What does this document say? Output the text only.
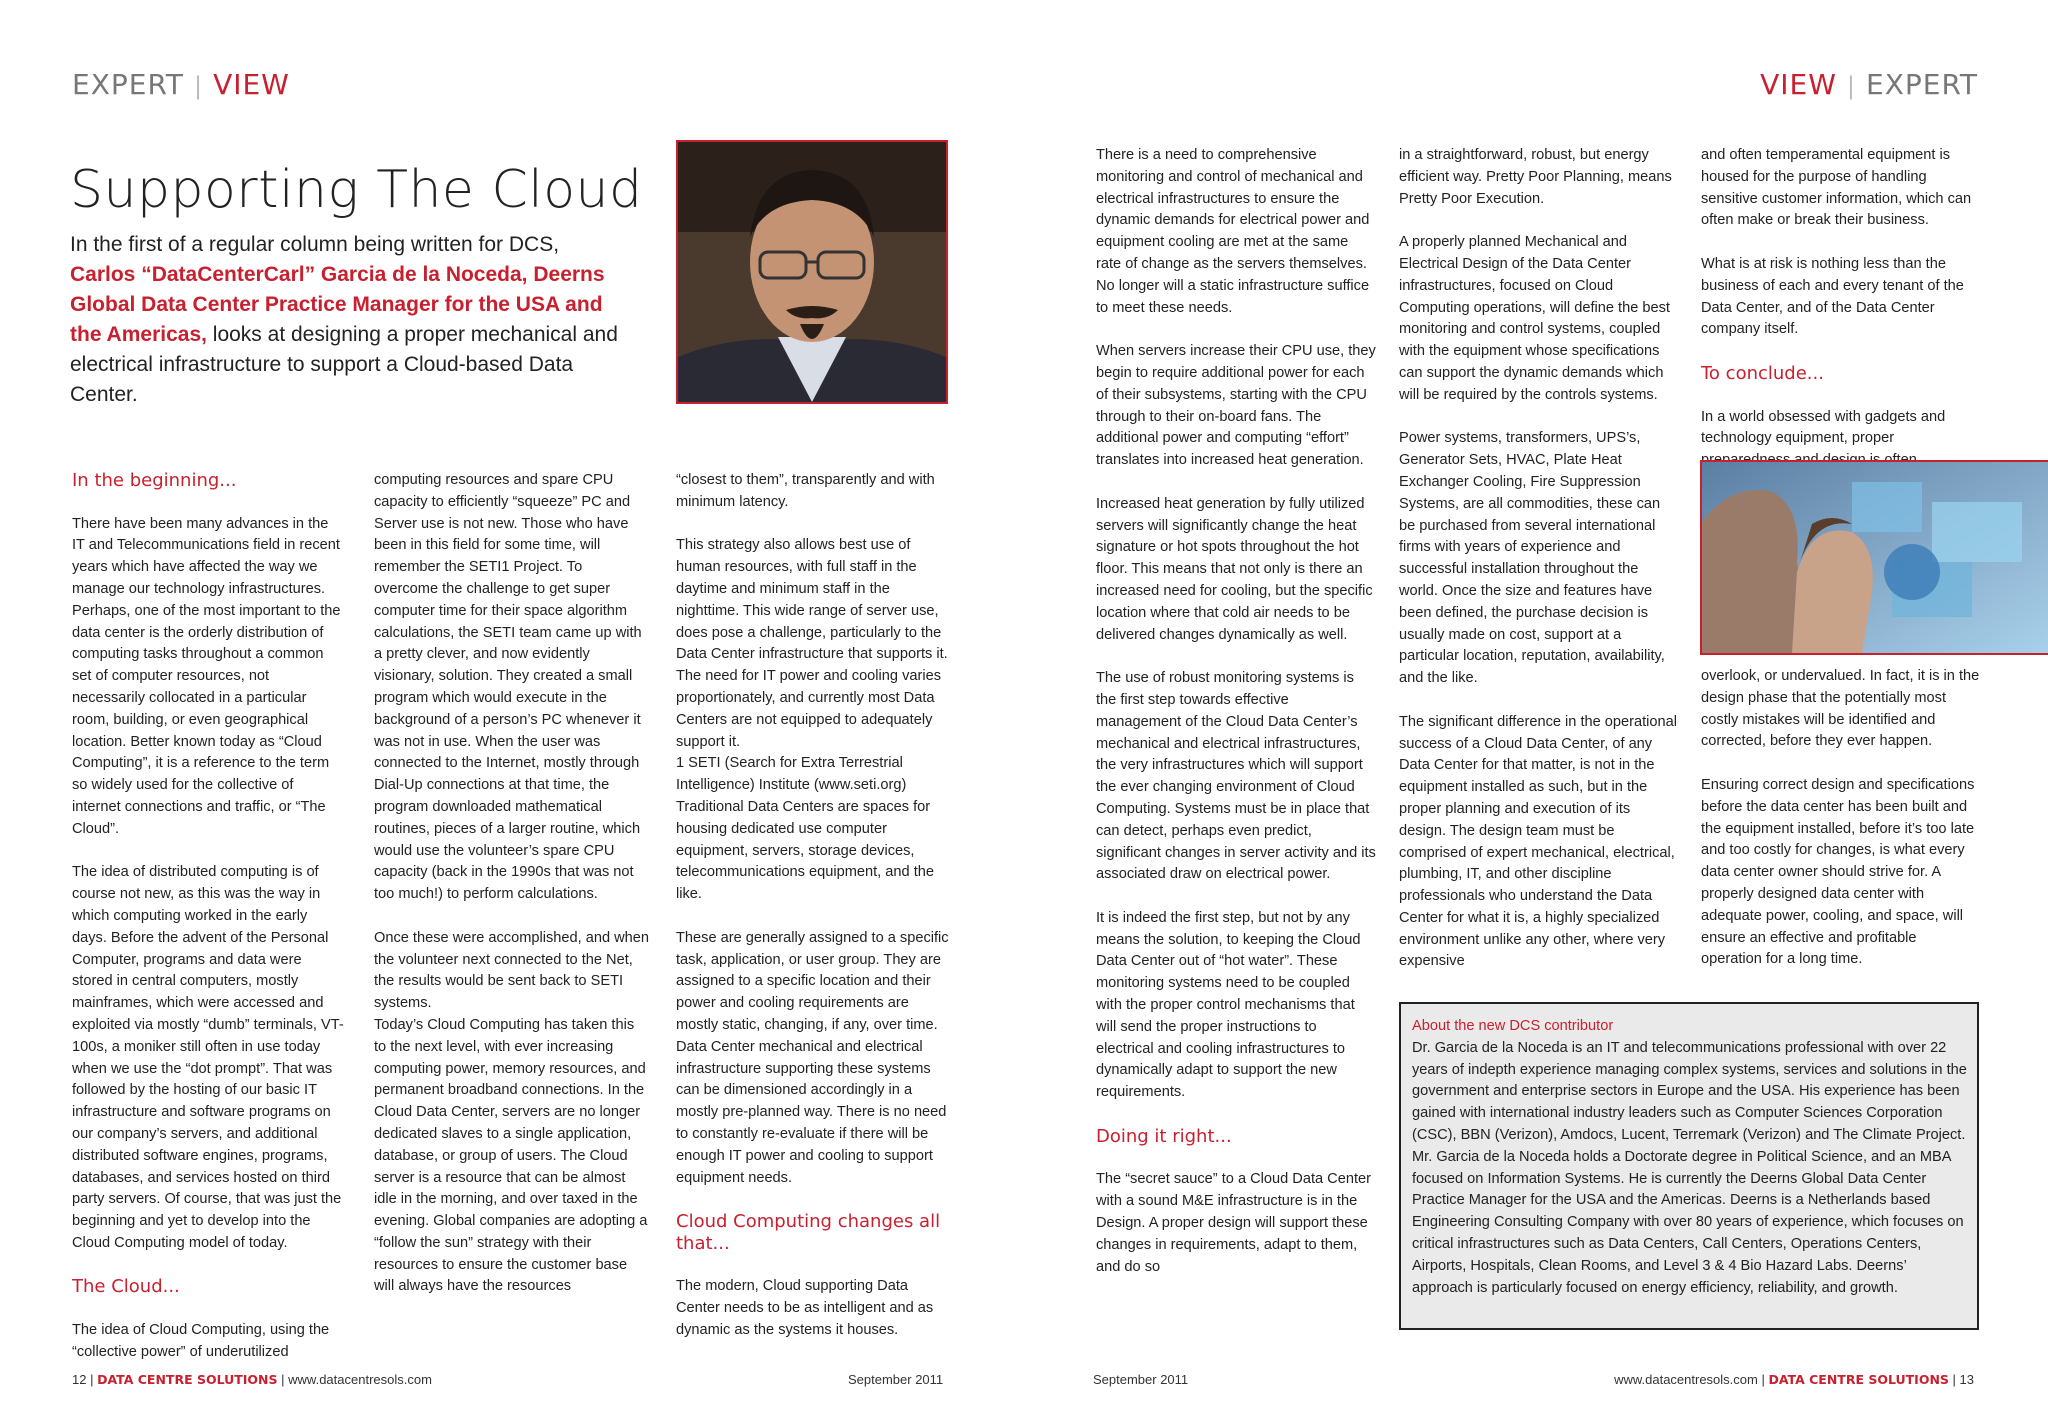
EXPERT | VIEW	VIEW | EXPERT
Supporting The Cloud
In the first of a regular column being written for DCS,
Carlos “DataCenterCarl” Garcia de la Noceda, Deerns Global Data Center Practice Manager for the USA and the Americas, looks at designing a proper mechanical and electrical infrastructure to support a Cloud-based Data Center.

In the beginning...

There have been many advances in the IT and Telecommunications field in recent years which have affected the way we manage our technology infrastructures. Perhaps, one of the most important to the data center is the orderly distribution of computing tasks throughout a common set of computer resources, not necessarily collocated in a particular room, building, or even geographical location. Better known today as “Cloud Computing”, it is a reference to the term so widely used for the collective of internet connections and traffic, or “The Cloud”.

The idea of distributed computing is of course not new, as this was the way in which computing worked in the early days. Before the advent of the Personal Computer, programs and data were stored in central computers, mostly mainframes, which were accessed and exploited via mostly “dumb” terminals, VT-100s, a moniker still often in use today when we use the “dot prompt”. That was followed by the hosting of our basic IT infrastructure and software programs on our company’s servers, and additional distributed software engines, programs, databases, and services hosted on third party servers. Of course, that was just the beginning and yet to develop into the Cloud Computing model of today.

The Cloud...

The idea of Cloud Computing, using the “collective power” of underutilized

computing resources and spare CPU capacity to efficiently “squeeze” PC and Server use is not new. Those who have been in this field for some time, will remember the SETI1 Project. To overcome the challenge to get super computer time for their space algorithm calculations, the SETI team came up with a pretty clever, and now evidently visionary, solution. They created a small program which would execute in the background of a person’s PC whenever it was not in use. When the user was connected to the Internet, mostly through Dial-Up connections at that time, the program downloaded mathematical routines, pieces of a larger routine, which would use the volunteer’s spare CPU capacity (back in the 1990s that was not too much!) to perform calculations.

Once these were accomplished, and when the volunteer next connected to the Net, the results would be sent back to SETI systems.

Today’s Cloud Computing has taken this to the next level, with ever increasing computing power, memory resources, and permanent broadband connections. In the Cloud Data Center, servers are no longer dedicated slaves to a single application, database, or group of users. The Cloud server is a resource that can be almost idle in the morning, and over taxed in the evening. Global companies are adopting a “follow the sun” strategy with their resources to ensure the customer base will always have the resources

“closest to them”, transparently and with minimum latency.

This strategy also allows best use of human resources, with full staff in the daytime and minimum staff in the nighttime. This wide range of server use, does pose a challenge, particularly to the Data Center infrastructure that supports it. The need for IT power and cooling varies proportionately, and currently most Data Centers are not equipped to adequately support it.

1 SETI (Search for Extra Terrestrial Intelligence) Institute (www.seti.org)

Traditional Data Centers are spaces for housing dedicated use computer equipment, servers, storage devices, telecommunications equipment, and the like.

These are generally assigned to a specific task, application, or user group. They are assigned to a specific location and their power and cooling requirements are mostly static, changing, if any, over time. Data Center mechanical and electrical infrastructure supporting these systems can be dimensioned accordingly in a mostly pre-planned way. There is no need to constantly re-evaluate if there will be enough IT power and cooling to support equipment needs.

Cloud Computing changes all that...

The modern, Cloud supporting Data Center needs to be as intelligent and as dynamic as the systems it houses.

There is a need to comprehensive monitoring and control of mechanical and electrical infrastructures to ensure the dynamic demands for electrical power and equipment cooling are met at the same rate of change as the servers themselves. No longer will a static infrastructure suffice to meet these needs.

When servers increase their CPU use, they begin to require additional power for each of their subsystems, starting with the CPU through to their on-board fans. The additional power and computing “effort” translates into increased heat generation.

Increased heat generation by fully utilized servers will significantly change the heat signature or hot spots throughout the hot floor. This means that not only is there an increased need for cooling, but the specific location where that cold air needs to be delivered changes dynamically as well.

The use of robust monitoring systems is the first step towards effective management of the Cloud Data Center’s mechanical and electrical infrastructures, the very infrastructures which will support the ever changing environment of Cloud Computing. Systems must be in place that can detect, perhaps even predict, significant changes in server activity and its associated draw on electrical power.

It is indeed the first step, but not by any means the solution, to keeping the Cloud Data Center out of “hot water”. These monitoring systems need to be coupled with the proper control mechanisms that will send the proper instructions to electrical and cooling infrastructures to dynamically adapt to support the new requirements.

Doing it right...

The “secret sauce” to a Cloud Data Center with a sound M&E infrastructure is in the Design. A proper design will support these changes in requirements, adapt to them, and do so

in a straightforward, robust, but energy efficient way. Pretty Poor Planning, means Pretty Poor Execution.

A properly planned Mechanical and Electrical Design of the Data Center infrastructures, focused on Cloud Computing operations, will define the best monitoring and control systems, coupled with the equipment whose specifications can support the dynamic demands which will be required by the controls systems.

Power systems, transformers, UPS’s, Generator Sets, HVAC, Plate Heat Exchanger Cooling, Fire Suppression Systems, are all commodities, these can be purchased from several international firms with years of experience and successful installation throughout the world. Once the size and features have been defined, the purchase decision is usually made on cost, support at a particular location, reputation, availability, and the like.

The significant difference in the operational success of a Cloud Data Center, of any Data Center for that matter, is not in the equipment installed as such, but in the proper planning and execution of its design. The design team must be comprised of expert mechanical, electrical, plumbing, IT, and other discipline professionals who understand the Data Center for what it is, a highly specialized environment unlike any other, where very expensive

and often temperamental equipment is housed for the purpose of handling sensitive customer information, which can often make or break their business.

What is at risk is nothing less than the business of each and every tenant of the Data Center, and of the Data Center company itself.

To conclude...

In a world obsessed with gadgets and technology equipment, proper

overlook, or undervalued. In fact, it is in the design phase that the potentially most costly mistakes will be identified and corrected, before they ever happen.

Ensuring correct design and specifications before the data center has been built and the equipment installed, before it’s too late and too costly for changes, is what every data center owner should strive for. A properly designed data center with adequate power, cooling, and space, will ensure an effective and profitable operation for a long time.

About the new DCS contributor
Dr. Garcia de la Noceda is an IT and telecommunications professional with over 22 years of indepth experience managing complex systems, services and solutions in the government and enterprise sectors in Europe and the USA. His experience has been gained with international industry leaders such as Computer Sciences Corporation (CSC), BBN (Verizon), Amdocs, Lucent, Terremark (Verizon) and The Climate Project. Mr. Garcia de la Noceda holds a Doctorate degree in Political Science, and an MBA focused on Information Systems. He is currently the Deerns Global Data Center Practice Manager for the USA and the Americas. Deerns is a Netherlands based Engineering Consulting Company with over 80 years of experience, which focuses on critical infrastructures such as Data Centers, Call Centers, Operations Centers, Airports, Hospitals, Clean Rooms, and Level 3 & 4 Bio Hazard Labs. Deerns’ approach is particularly focused on energy efficiency, reliability, and growth.
12 | DATA CENTRE SOLUTIONS | www.datacentresols.com	September 2011	September 2011	www.datacentresols.com | DATA CENTRE SOLUTIONS | 13
